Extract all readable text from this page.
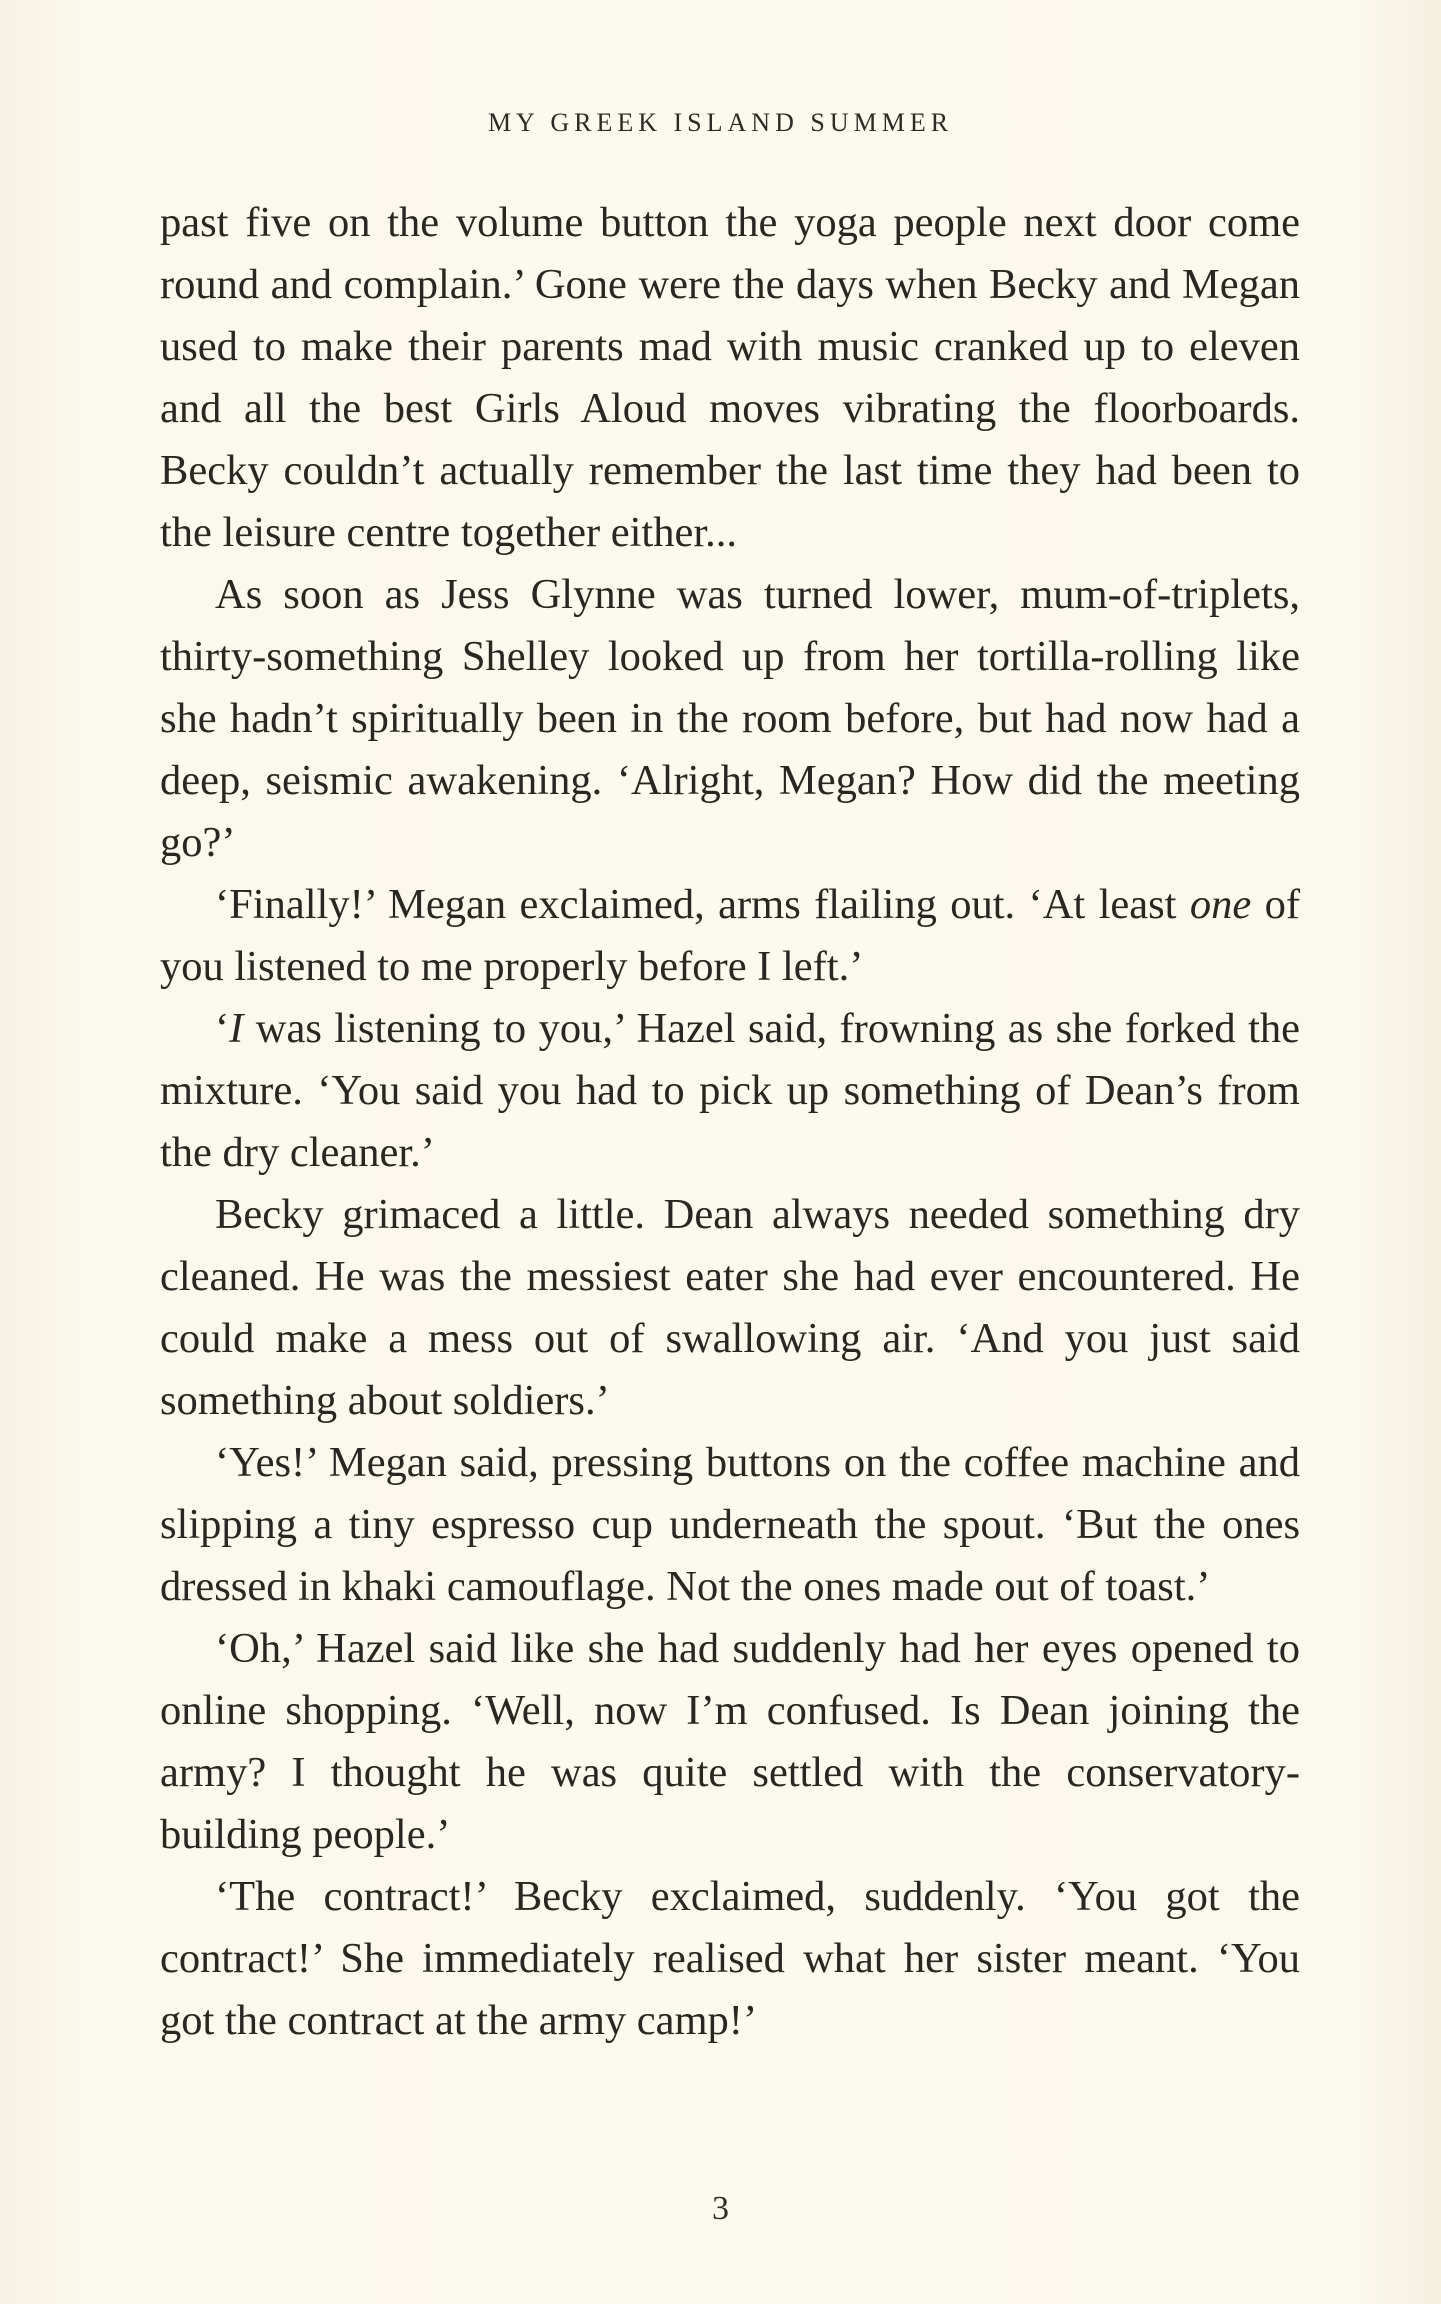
MY GREEK ISLAND SUMMER

past five on the volume button the yoga people next door come round and complain.’ Gone were the days when Becky and Megan used to make their parents mad with music cranked up to eleven and all the best Girls Aloud moves vibrating the floorboards. Becky couldn’t actually remember the last time they had been to the leisure centre together either...

As soon as Jess Glynne was turned lower, mum-of-triplets, thirty-something Shelley looked up from her tortilla-rolling like she hadn’t spiritually been in the room before, but had now had a deep, seismic awakening. ‘Alright, Megan? How did the meeting go?’

‘Finally!’ Megan exclaimed, arms flailing out. ‘At least one of you listened to me properly before I left.’

‘I was listening to you,’ Hazel said, frowning as she forked the mixture. ‘You said you had to pick up something of Dean’s from the dry cleaner.’

Becky grimaced a little. Dean always needed something dry cleaned. He was the messiest eater she had ever encountered. He could make a mess out of swallowing air. ‘And you just said something about soldiers.’

‘Yes!’ Megan said, pressing buttons on the coffee machine and slipping a tiny espresso cup underneath the spout. ‘But the ones dressed in khaki camouflage. Not the ones made out of toast.’

‘Oh,’ Hazel said like she had suddenly had her eyes opened to online shopping. ‘Well, now I’m confused. Is Dean joining the army? I thought he was quite settled with the conservatory-building people.’

‘The contract!’ Becky exclaimed, suddenly. ‘You got the contract!’ She immediately realised what her sister meant. ‘You got the contract at the army camp!’

3
